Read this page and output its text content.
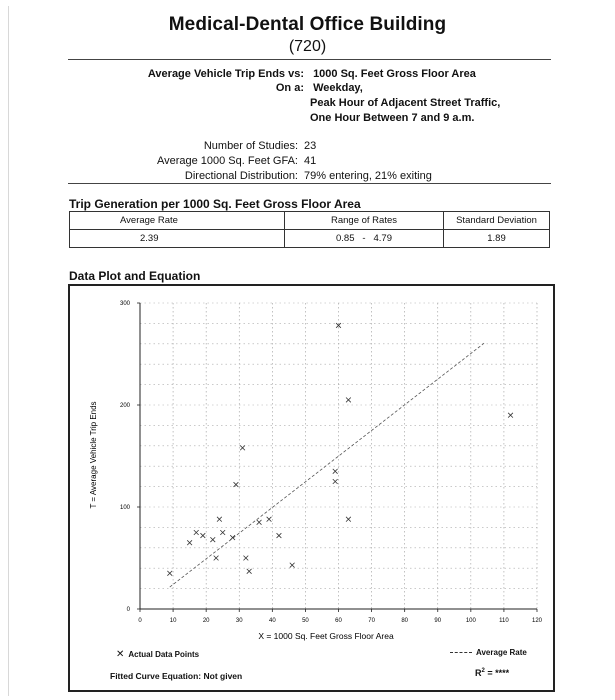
Medical-Dental Office Building
(720)
Average Vehicle Trip Ends vs: 1000 Sq. Feet Gross Floor Area
On a: Weekday,
Peak Hour of Adjacent Street Traffic,
One Hour Between 7 and 9 a.m.
Number of Studies: 23
Average 1000 Sq. Feet GFA: 41
Directional Distribution: 79% entering, 21% exiting
Trip Generation per 1000 Sq. Feet Gross Floor Area
Average Rate	Range of Rates	Standard Deviation
2.39	0.85 - 4.79	1.89
Data Plot and Equation
0	10	20	30	40	50	60	70	80	90	100	110	120
0
100
200
300
X = 1000 Sq. Feet Gross Floor Area
T = Average Vehicle Trip Ends
✕ Actual Data Points	Average Rate
Fitted Curve Equation: Not given	$R^2$ = ****
